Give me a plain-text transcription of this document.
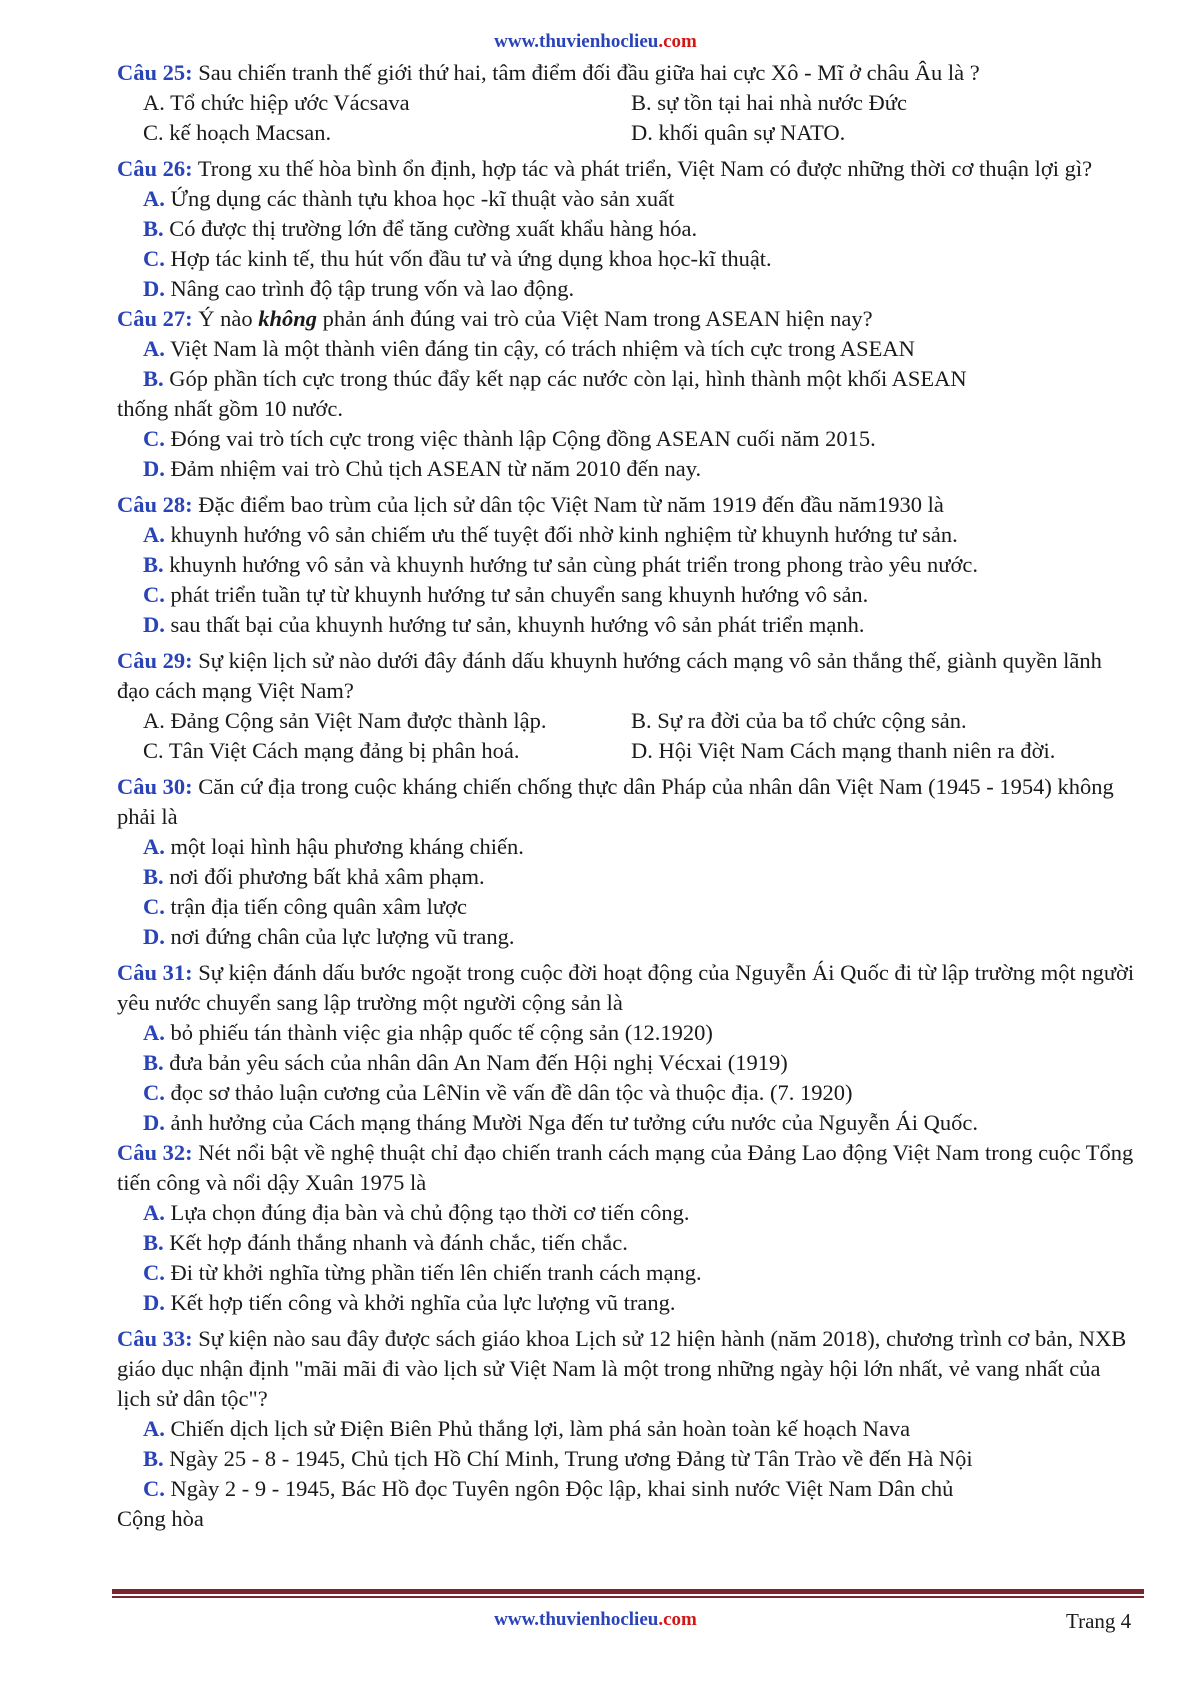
www.thuvienhoclieu.com

Câu 25: Sau chiến tranh thế giới thứ hai, tâm điểm đối đầu giữa hai cực Xô - Mĩ ở châu Âu là ?

A. Tổ chức hiệp ước Vácsava	B. sự tồn tại hai nhà nước Đức
C. kế hoạch Macsan.	D. khối quân sự NATO.

Câu 26: Trong xu thế hòa bình ổn định, hợp tác và phát triển, Việt Nam có được những thời cơ thuận lợi gì?

A. Ứng dụng các thành tựu khoa học -kĩ thuật vào sản xuất

B. Có được thị trường lớn để tăng cường xuất khẩu hàng hóa.

C. Hợp tác kinh tế, thu hút vốn đầu tư và ứng dụng khoa học-kĩ thuật.

D. Nâng cao trình độ tập trung vốn và lao động.

Câu 27: Ý nào không phản ánh đúng vai trò của Việt Nam trong ASEAN hiện nay?

A. Việt Nam là một thành viên đáng tin cậy, có trách nhiệm và tích cực trong ASEAN

B. Góp phần tích cực trong thúc đẩy kết nạp các nước còn lại, hình thành một khối ASEAN

thống nhất gồm 10 nước.

C. Đóng vai trò tích cực trong việc thành lập Cộng đồng ASEAN cuối năm 2015.

D. Đảm nhiệm vai trò Chủ tịch ASEAN từ năm 2010 đến nay.

Câu 28: Đặc điểm bao trùm của lịch sử dân tộc Việt Nam từ năm 1919 đến đầu năm1930 là

A. khuynh hướng vô sản chiếm ưu thế tuyệt đối nhờ kinh nghiệm từ khuynh hướng tư sản.

B. khuynh hướng vô sản và khuynh hướng tư sản cùng phát triển trong phong trào yêu nước.

C. phát triển tuần tự từ khuynh hướng tư sản chuyển sang khuynh hướng vô sản.

D. sau thất bại của khuynh hướng tư sản, khuynh hướng vô sản phát triển mạnh.

Câu 29: Sự kiện lịch sử nào dưới đây đánh dấu khuynh hướng cách mạng vô sản thắng thế, giành quyền lãnh đạo cách mạng Việt Nam?

A. Đảng Cộng sản Việt Nam được thành lập.	B. Sự ra đời của ba tổ chức cộng sản.
C. Tân Việt Cách mạng đảng bị phân hoá.	D. Hội Việt Nam Cách mạng thanh niên ra đời.

Câu 30: Căn cứ địa trong cuộc kháng chiến chống thực dân Pháp của nhân dân Việt Nam (1945 - 1954) không phải là

A. một loại hình hậu phương kháng chiến.

B. nơi đối phương bất khả xâm phạm.

C. trận địa tiến công quân xâm lược

D. nơi đứng chân của lực lượng vũ trang.

Câu 31: Sự kiện đánh dấu bước ngoặt trong cuộc đời hoạt động của Nguyễn Ái Quốc đi từ lập trường một người yêu nước chuyển sang lập trường một người cộng sản là

A. bỏ phiếu tán thành việc gia nhập quốc tế cộng sản (12.1920)

B. đưa bản yêu sách của nhân dân An Nam đến Hội nghị Vécxai (1919)

C. đọc sơ thảo luận cương của LêNin về vấn đề dân tộc và thuộc địa. (7. 1920)

D. ảnh hưởng của Cách mạng tháng Mười Nga đến tư tưởng cứu nước của Nguyễn Ái Quốc.

Câu 32: Nét nổi bật về nghệ thuật chỉ đạo chiến tranh cách mạng của Đảng Lao động Việt Nam trong cuộc Tổng tiến công và nổi dậy Xuân 1975 là

A. Lựa chọn đúng địa bàn và chủ động tạo thời cơ tiến công.

B. Kết hợp đánh thắng nhanh và đánh chắc, tiến chắc.

C. Đi từ khởi nghĩa từng phần tiến lên chiến tranh cách mạng.

D. Kết hợp tiến công và khởi nghĩa của lực lượng vũ trang.

Câu 33: Sự kiện nào sau đây được sách giáo khoa Lịch sử 12 hiện hành (năm 2018), chương trình cơ bản, NXB giáo dục nhận định "mãi mãi đi vào lịch sử Việt Nam là một trong những ngày hội lớn nhất, vẻ vang nhất của lịch sử dân tộc"?

A. Chiến dịch lịch sử Điện Biên Phủ thắng lợi, làm phá sản hoàn toàn kế hoạch Nava

B. Ngày 25 - 8 - 1945, Chủ tịch Hồ Chí Minh, Trung ương Đảng từ Tân Trào về đến Hà Nội

C. Ngày 2 - 9 - 1945, Bác Hồ đọc Tuyên ngôn Độc lập, khai sinh nước Việt Nam Dân chủ

Cộng hòa

www.thuvienhoclieu.com	Trang 4
